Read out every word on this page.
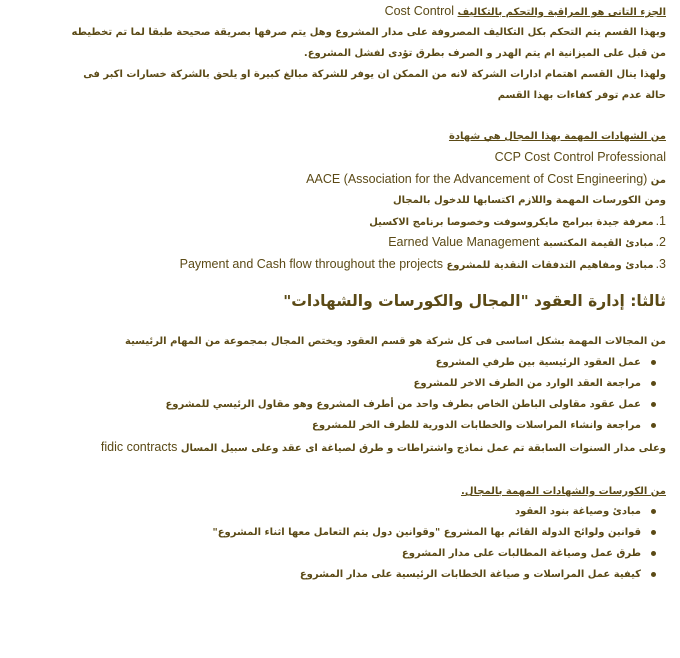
الجزء التانى هو المراقبة والتحكم بالتكاليف Cost Control
وبهذا القسم يتم التحكم بكل التكاليف المصروفة على مدار المشروع وهل يتم صرفها بصريقة صحيحة طبقا لما تم تخطيطه
من قبل على الميزانية ام يتم الهدر و الصرف بطرق تؤدى لفشل المشروع.
ولهذا ينال القسم اهتمام ادارات الشركة لانه من الممكن ان يوفر للشركة مبالغ كبيرة او يلحق بالشركة خسارات اكبر فى
حالة عدم توفر كفاءات بهذا القسم
من الشهادات المهمة بهذا المجال هي شهادة
CCP Cost Control Professional
من AACE (Association for the Advancement of Cost Engineering)
ومن الكورسات المهمة واللازم اكتسابها للدخول بالمجال
1.معرفة جيدة ببرامج مايكروسوفت وخصوصا برنامج الاكسيل
2.مبادئ القيمة المكتسبة Earned Value Management
3.مبادئ ومفاهيم التدفقات النقدية للمشروع Payment and Cash flow throughout the projects
ثالثا: إدارة العقود "المجال والكورسات والشهادات"
من المجالات المهمة بشكل اساسى فى كل شركة هو قسم العقود ويختص المجال بمجموعة من المهام الرئيسية
عمل العقود الرئيسية بين طرفي المشروع
مراجعة العقد الوارد من الطرف الاخر للمشروع
عمل عقود مقاولى الباطن الخاص بطرف واحد من أطرف المشروع وهو مقاول الرئيسي للمشروع
مراجعة وانشاء المراسلات والخطابات الدورية للطرف الخر للمشروع
وعلى مدار السنوات السابقة تم عمل نماذج واشتراطات و طرق لصياغة اى عقد وعلى سبيل المسال fidic contracts
من الكورسات والشهادات المهمة بالمجال.
مبادئ وصياغة بنود العقود
قوانين ولوائح الدولة القائم بها المشروع "وقوانين دول يتم التعامل معها اثناء المشروع"
طرق عمل وصياغة المطالبات على مدار المشروع
كيفية عمل المراسلات و صياغة الخطابات الرئيسية على مدار المشروع
